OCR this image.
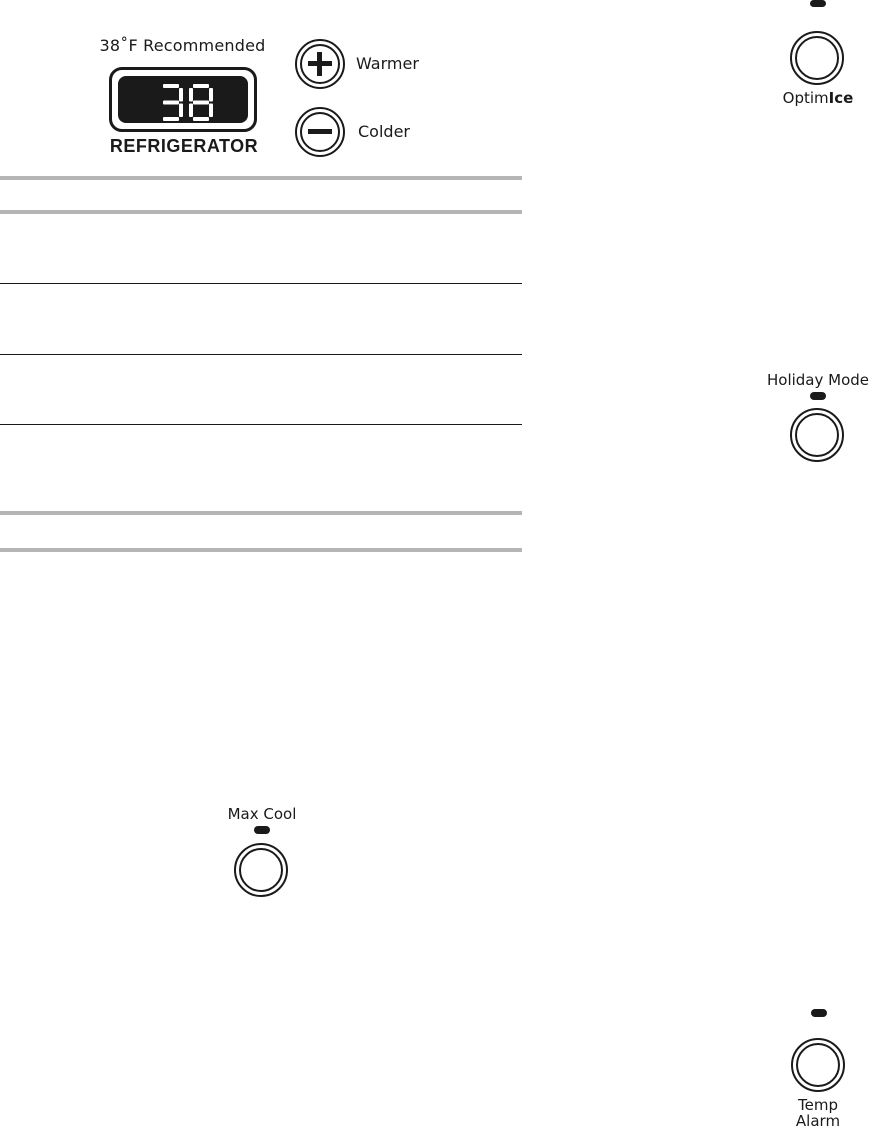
38˚F Recommended
REFRIGERATOR
Warmer
Colder
OptimIce
Holiday Mode
Max Cool
Temp
Alarm
